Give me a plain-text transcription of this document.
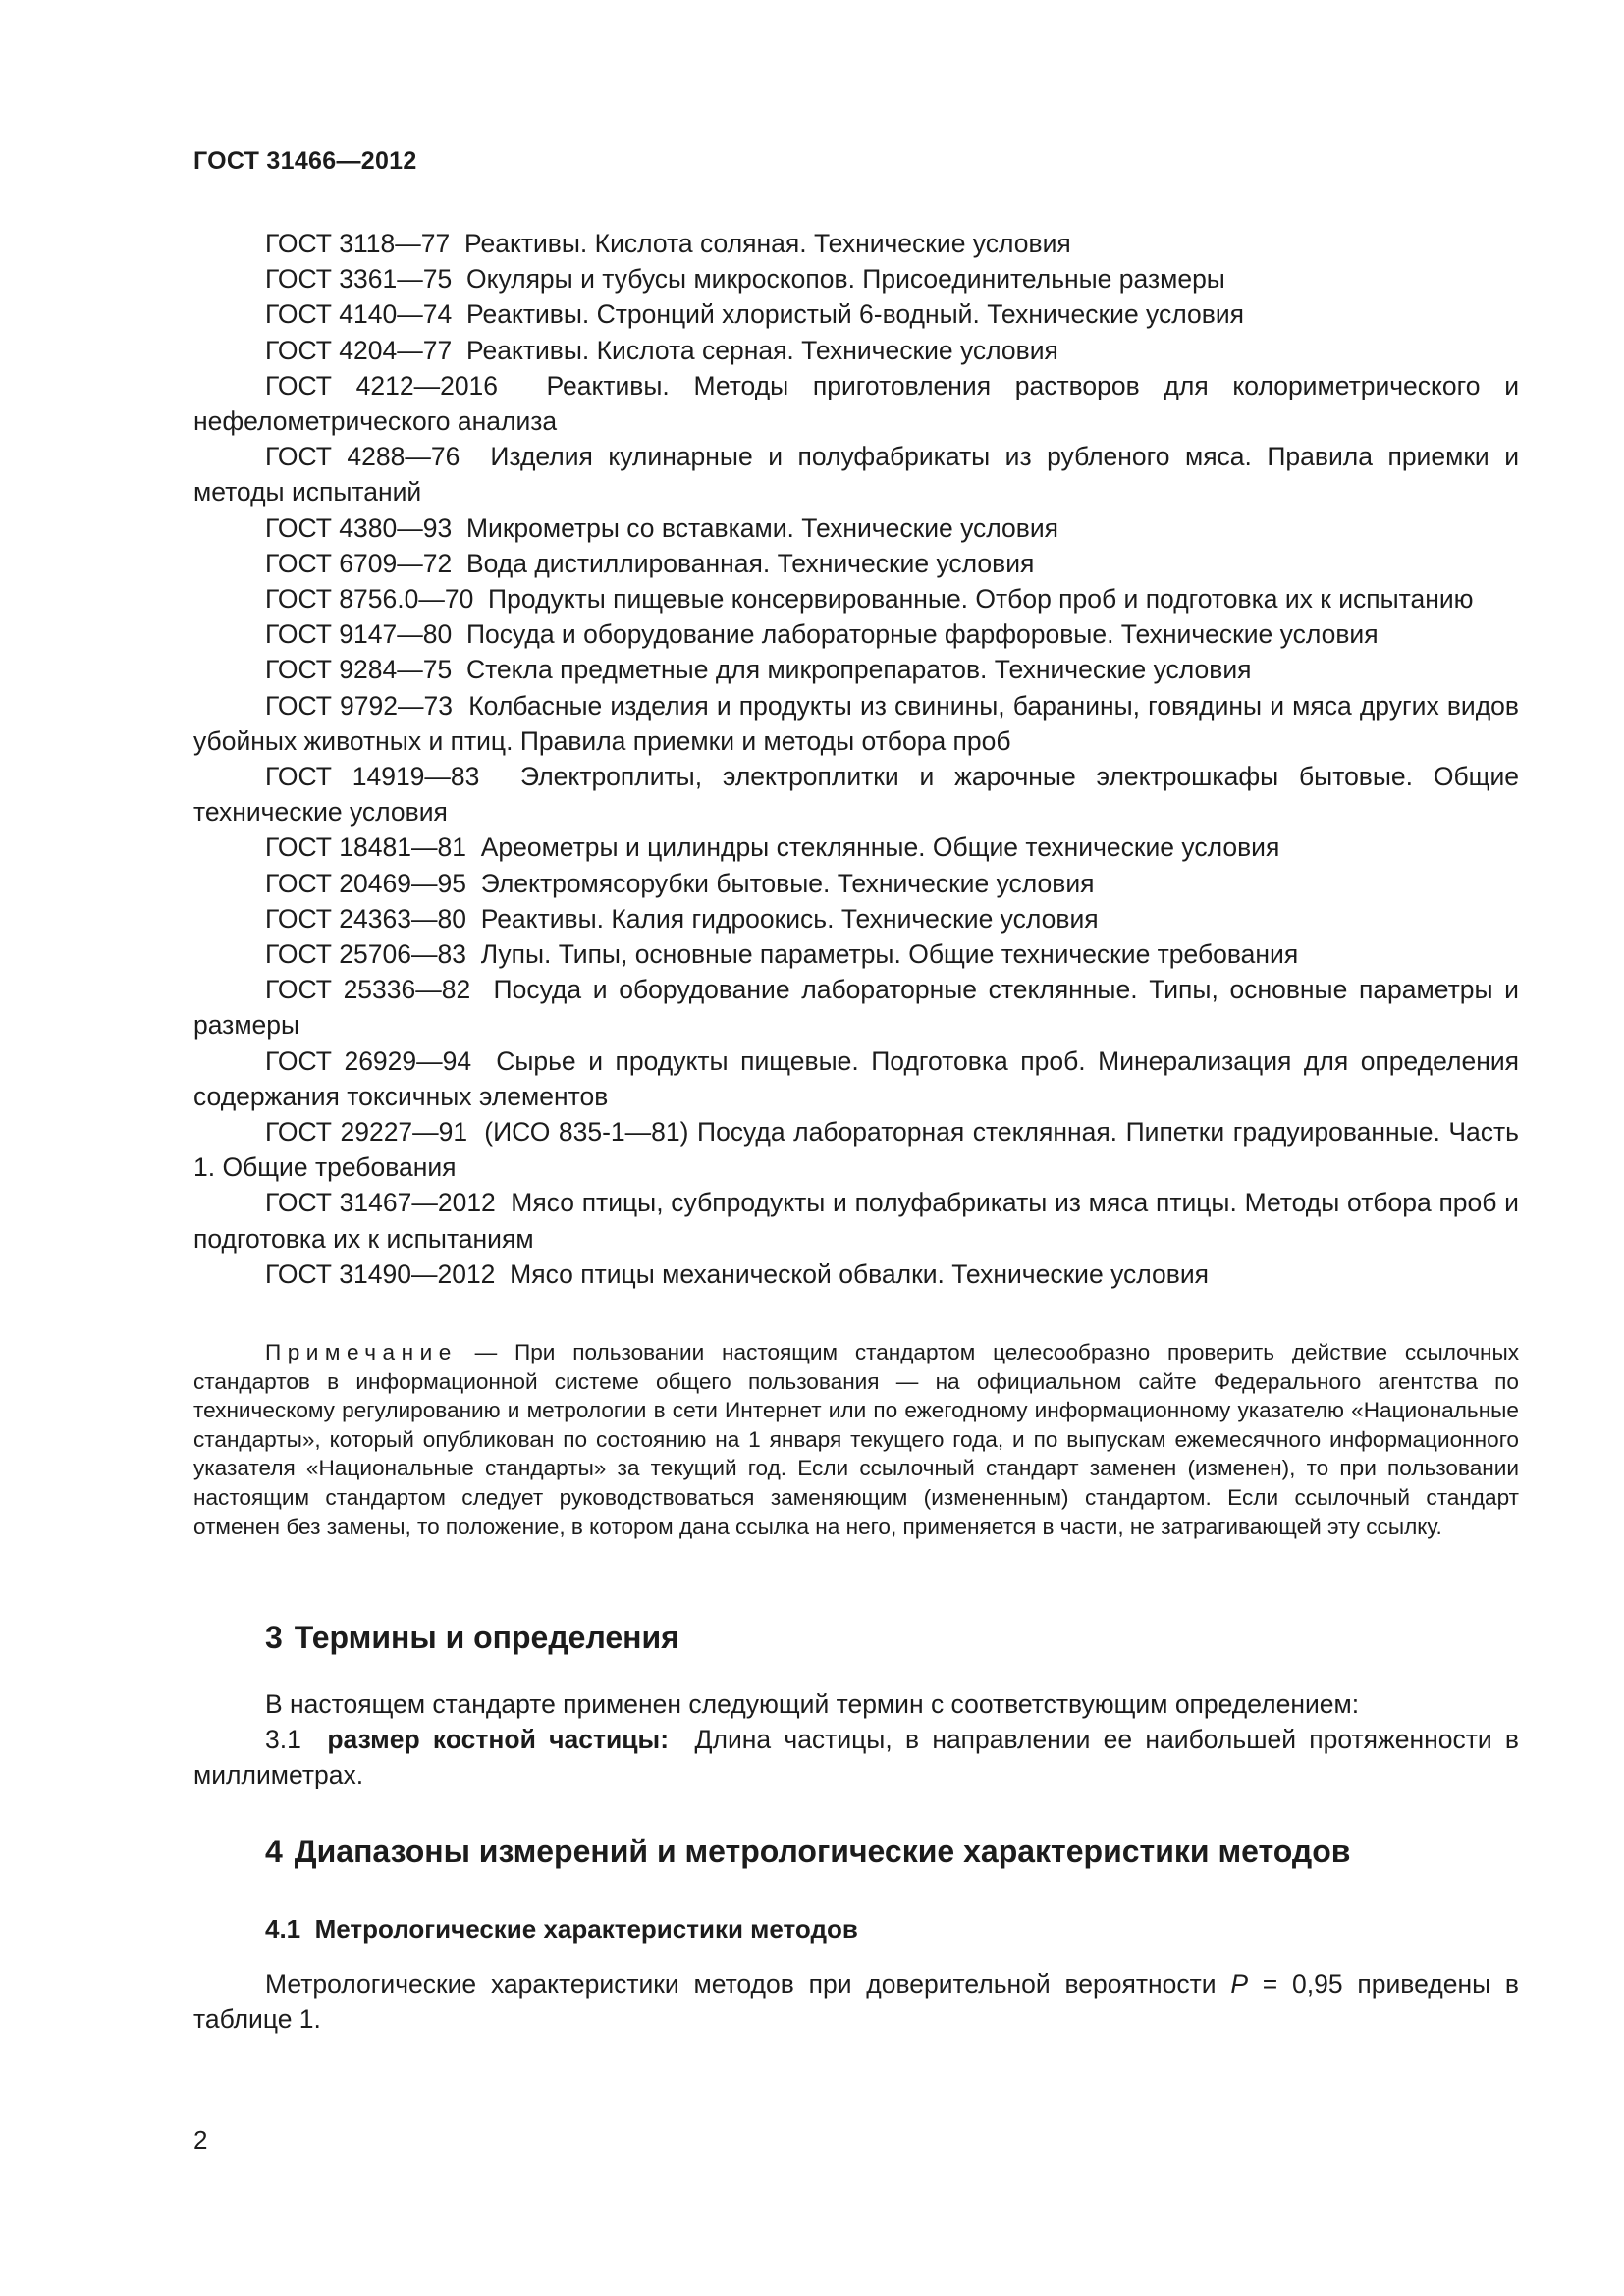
ГОСТ 31466—2012

ГОСТ 3118—77 Реактивы. Кислота соляная. Технические условия

ГОСТ 3361—75 Окуляры и тубусы микроскопов. Присоединительные размеры

ГОСТ 4140—74 Реактивы. Стронций хлористый 6-водный. Технические условия

ГОСТ 4204—77 Реактивы. Кислота серная. Технические условия

ГОСТ 4212—2016 Реактивы. Методы приготовления растворов для колориметрического и нефелометрического анализа

ГОСТ 4288—76 Изделия кулинарные и полуфабрикаты из рубленого мяса. Правила приемки и методы испытаний

ГОСТ 4380—93 Микрометры со вставками. Технические условия

ГОСТ 6709—72 Вода дистиллированная. Технические условия

ГОСТ 8756.0—70 Продукты пищевые консервированные. Отбор проб и подготовка их к испытанию

ГОСТ 9147—80 Посуда и оборудование лабораторные фарфоровые. Технические условия

ГОСТ 9284—75 Стекла предметные для микропрепаратов. Технические условия

ГОСТ 9792—73 Колбасные изделия и продукты из свинины, баранины, говядины и мяса других видов убойных животных и птиц. Правила приемки и методы отбора проб

ГОСТ 14919—83 Электроплиты, электроплитки и жарочные электрошкафы бытовые. Общие технические условия

ГОСТ 18481—81 Ареометры и цилиндры стеклянные. Общие технические условия

ГОСТ 20469—95 Электромясорубки бытовые. Технические условия

ГОСТ 24363—80 Реактивы. Калия гидроокись. Технические условия

ГОСТ 25706—83 Лупы. Типы, основные параметры. Общие технические требования

ГОСТ 25336—82 Посуда и оборудование лабораторные стеклянные. Типы, основные параметры и размеры

ГОСТ 26929—94 Сырье и продукты пищевые. Подготовка проб. Минерализация для определения содержания токсичных элементов

ГОСТ 29227—91 (ИСО 835-1—81) Посуда лабораторная стеклянная. Пипетки градуированные. Часть 1. Общие требования

ГОСТ 31467—2012 Мясо птицы, субпродукты и полуфабрикаты из мяса птицы. Методы отбора проб и подготовка их к испытаниям

ГОСТ 31490—2012 Мясо птицы механической обвалки. Технические условия

Примечание — При пользовании настоящим стандартом целесообразно проверить действие ссылочных стандартов в информационной системе общего пользования — на официальном сайте Федерального агентства по техническому регулированию и метрологии в сети Интернет или по ежегодному информационному указателю «Национальные стандарты», который опубликован по состоянию на 1 января текущего года, и по выпускам ежемесячного информационного указателя «Национальные стандарты» за текущий год. Если ссылочный стандарт заменен (изменен), то при пользовании настоящим стандартом следует руководствоваться заменяющим (измененным) стандартом. Если ссылочный стандарт отменен без замены, то положение, в котором дана ссылка на него, применяется в части, не затрагивающей эту ссылку.

3 Термины и определения

В настоящем стандарте применен следующий термин с соответствующим определением:

3.1 размер костной частицы: Длина частицы, в направлении ее наибольшей протяженности в миллиметрах.

4 Диапазоны измерений и метрологические характеристики методов
4.1 Метрологические характеристики методов

Метрологические характеристики методов при доверительной вероятности P = 0,95 приведены в таблице 1.

2
